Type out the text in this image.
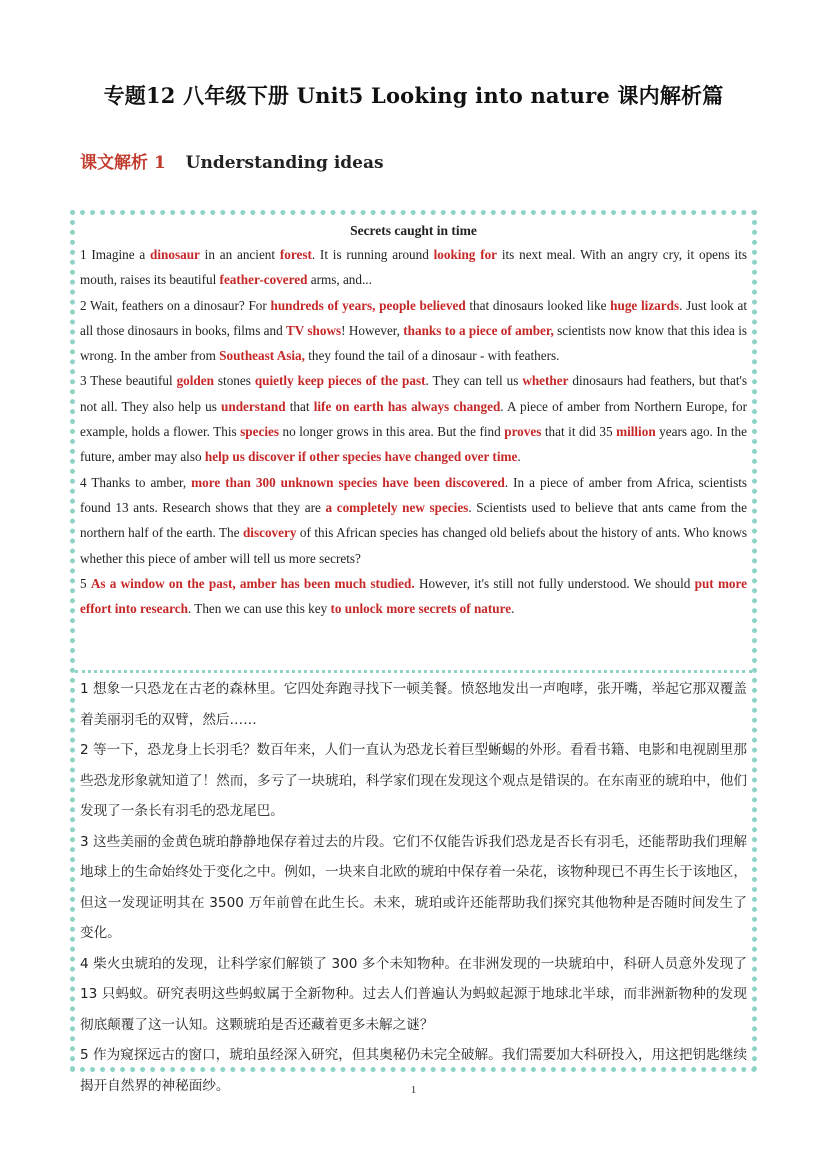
专题12 八年级下册 Unit5 Looking into nature 课内解析篇
课文解析 1 Understanding ideas

Secrets caught in time

1 Imagine a dinosaur in an ancient forest. It is running around looking for its next meal. With an angry cry, it opens its mouth, raises its beautiful feather-covered arms, and...

2 Wait, feathers on a dinosaur? For hundreds of years, people believed that dinosaurs looked like huge lizards. Just look at all those dinosaurs in books, films and TV shows! However, thanks to a piece of amber, scientists now know that this idea is wrong. In the amber from Southeast Asia, they found the tail of a dinosaur - with feathers.

3 These beautiful golden stones quietly keep pieces of the past. They can tell us whether dinosaurs had feathers, but that's not all. They also help us understand that life on earth has always changed. A piece of amber from Northern Europe, for example, holds a flower. This species no longer grows in this area. But the find proves that it did 35 million years ago. In the future, amber may also help us discover if other species have changed over time.

4 Thanks to amber, more than 300 unknown species have been discovered. In a piece of amber from Africa, scientists found 13 ants. Research shows that they are a completely new species. Scientists used to believe that ants came from the northern half of the earth. The discovery of this African species has changed old beliefs about the history of ants. Who knows whether this piece of amber will tell us more secrets?

5 As a window on the past, amber has been much studied. However, it's still not fully understood. We should put more effort into research. Then we can use this key to unlock more secrets of nature.

1 想象一只恐龙在古老的森林里。它四处奔跑寻找下一顿美餐。愤怒地发出一声咆哮，张开嘴，举起它那双覆盖着美丽羽毛的双臂，然后……

2 等一下，恐龙身上长羽毛？数百年来，人们一直认为恐龙长着巨型蜥蜴的外形。看看书籍、电影和电视剧里那些恐龙形象就知道了！然而，多亏了一块琥珀，科学家们现在发现这个观点是错误的。在东南亚的琥珀中，他们发现了一条长有羽毛的恐龙尾巴。

3 这些美丽的金黄色琥珀静静地保存着过去的片段。它们不仅能告诉我们恐龙是否长有羽毛，还能帮助我们理解地球上的生命始终处于变化之中。例如，一块来自北欧的琥珀中保存着一朵花，该物种现已不再生长于该地区，但这一发现证明其在 3500 万年前曾在此生长。未来，琥珀或许还能帮助我们探究其他物种是否随时间发生了变化。

4 柴火虫琥珀的发现，让科学家们解锁了 300 多个未知物种。在非洲发现的一块琥珀中，科研人员意外发现了 13 只蚂蚁。研究表明这些蚂蚁属于全新物种。过去人们普遍认为蚂蚁起源于地球北半球，而非洲新物种的发现彻底颠覆了这一认知。这颗琥珀是否还藏着更多未解之谜？

5 作为窥探远古的窗口，琥珀虽经深入研究，但其奥秘仍未完全破解。我们需要加大科研投入，用这把钥匙继续揭开自然界的神秘面纱。	1
